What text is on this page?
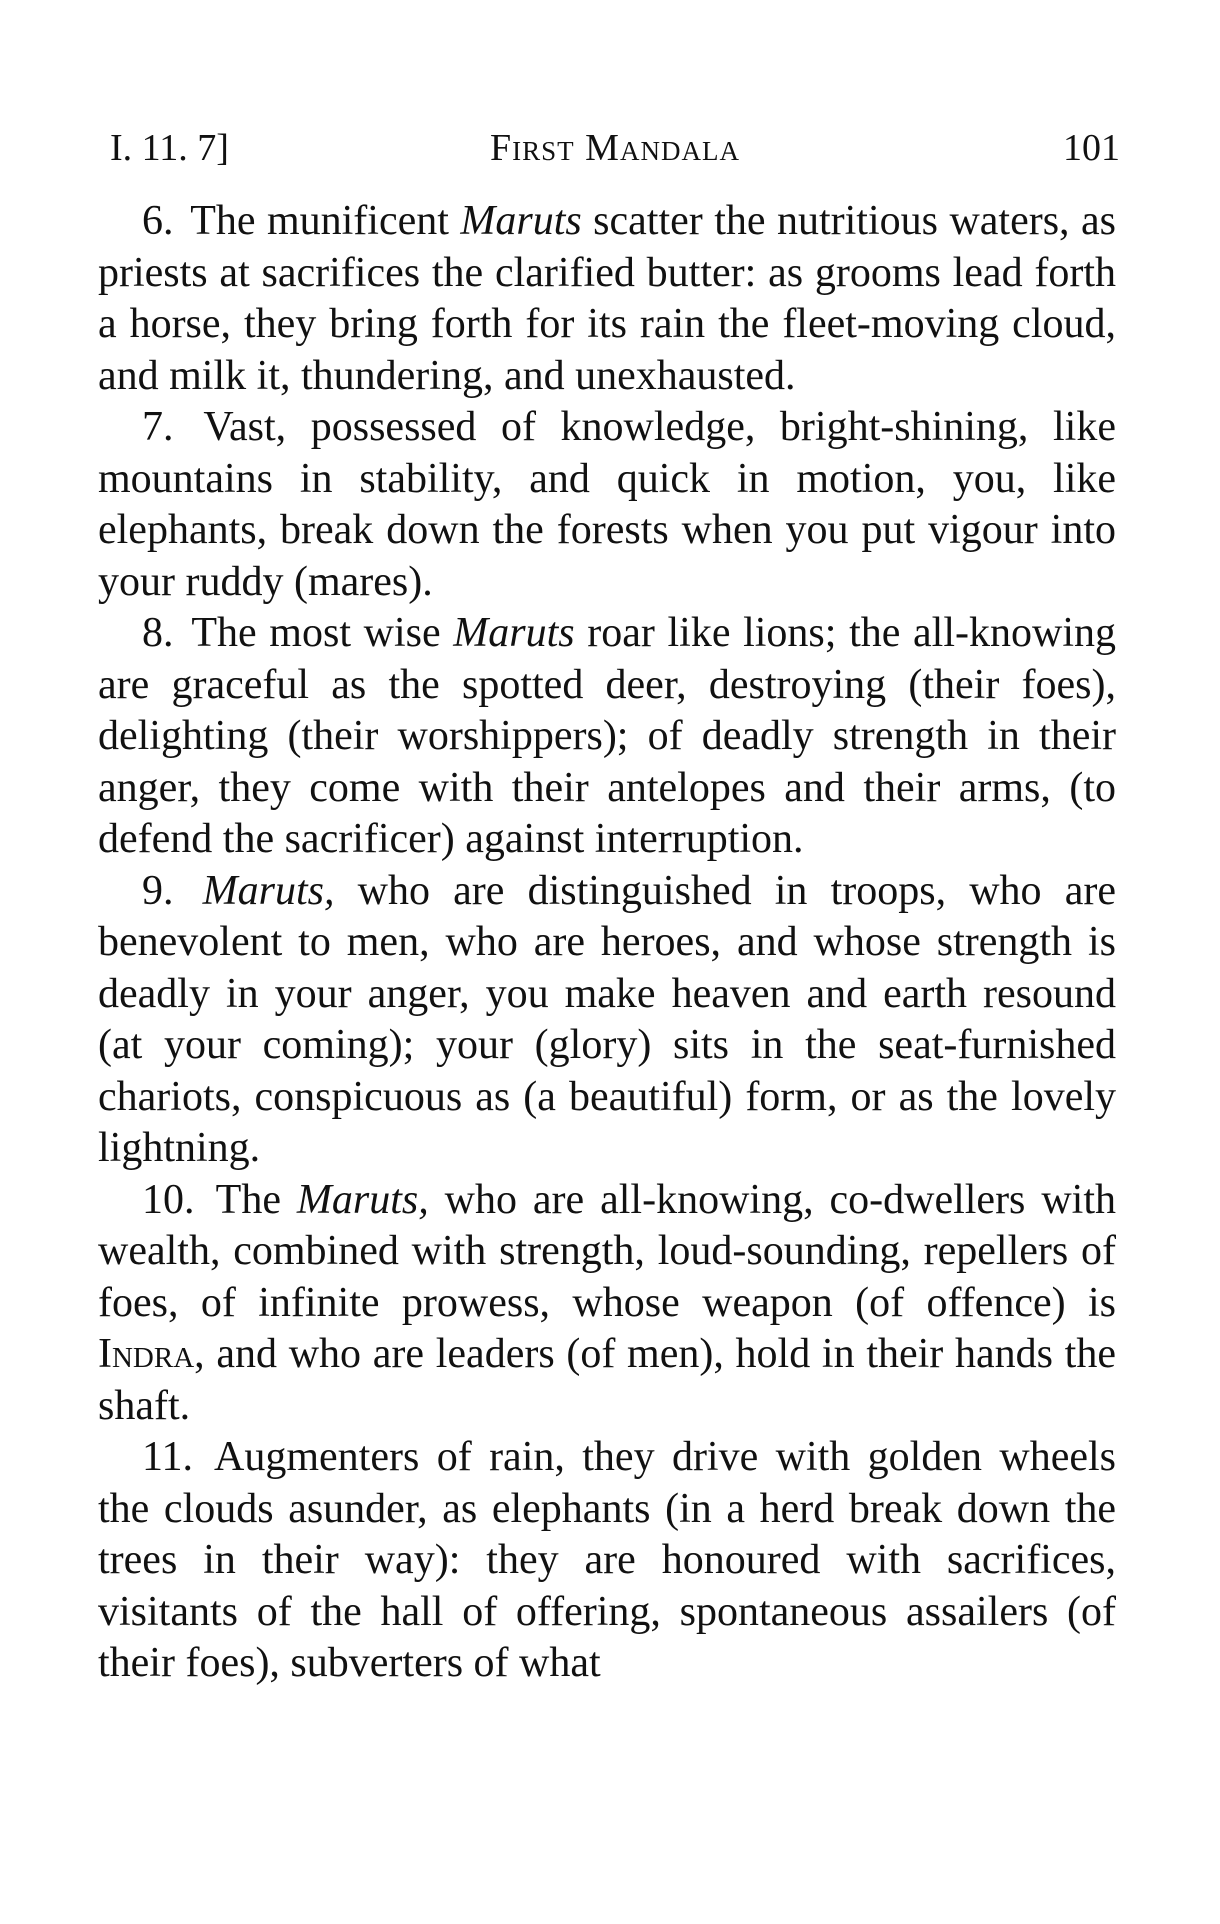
I. 11. 7]	First Mandala	101

6. The munificent Maruts scatter the nutritious waters, as priests at sacrifices the clarified butter: as grooms lead forth a horse, they bring forth for its rain the fleet-moving cloud, and milk it, thundering, and unexhausted.

7. Vast, possessed of knowledge, bright-shining, like mountains in stability, and quick in motion, you, like elephants, break down the forests when you put vigour into your ruddy (mares).

8. The most wise Maruts roar like lions; the all-knowing are graceful as the spotted deer, destroying (their foes), delighting (their worshippers); of deadly strength in their anger, they come with their antelopes and their arms, (to defend the sacrificer) against interruption.

9. Maruts, who are distinguished in troops, who are benevolent to men, who are heroes, and whose strength is deadly in your anger, you make heaven and earth resound (at your coming); your (glory) sits in the seat-furnished chariots, conspicuous as (a beautiful) form, or as the lovely lightning.

10. The Maruts, who are all-knowing, co-dwellers with wealth, combined with strength, loud-sounding, repellers of foes, of infinite prowess, whose weapon (of offence) is Indra, and who are leaders (of men), hold in their hands the shaft.

11. Augmenters of rain, they drive with golden wheels the clouds asunder, as elephants (in a herd break down the trees in their way): they are honoured with sacrifices, visitants of the hall of offering, spontaneous assailers (of their foes), subverters of what
